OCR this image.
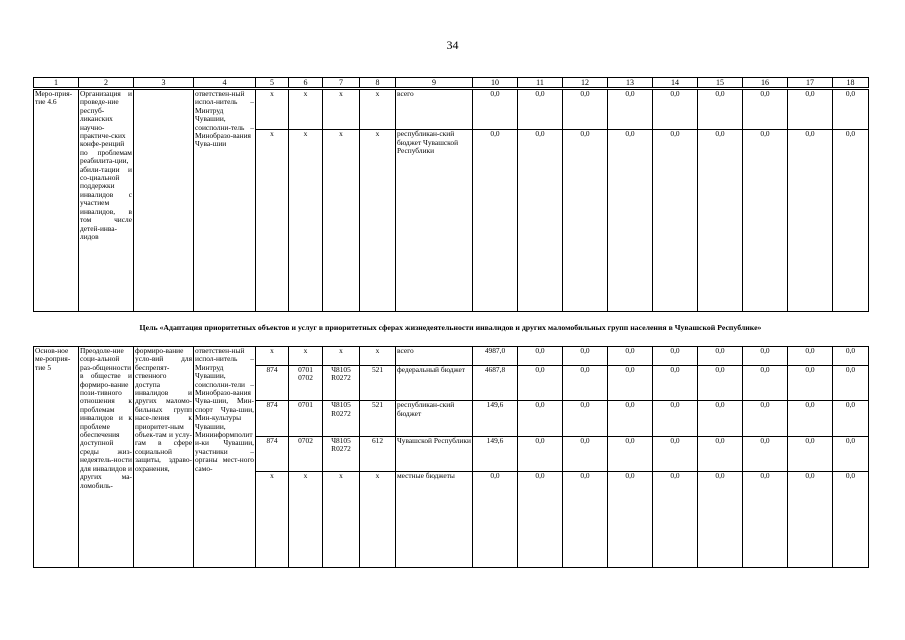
34
1	2	3	4	5	6	7	8	9	10	11	12	13	14	15	16	17	18
Меро-прия-тие 4.6	Организация и проведе-ние респуб-ликанских научно-практиче-ских конфе-ренций по проблемам реабилита-ции, абили-тации и со-циальной поддержки инвалидов с участием инвалидов, в том числе детей-инва-лидов		ответствен-ный испол-нитель – Минтруд Чувашии, соисполни-тель – Минобразо-вания Чува-шии	x	x	x	x	всего	0,0	0,0	0,0	0,0	0,0	0,0	0,0	0,0	0,0
				x	x	x	x	республикан-ский бюджет Чувашской Республики	0,0	0,0	0,0	0,0	0,0	0,0	0,0	0,0	0,0
Цель «Адаптация приоритетных объектов и услуг в приоритетных сферах жизнедеятельности инвалидов и других маломобильных групп населения в Чувашской Республике»
Основ-ное ме-роприя-тие 5	Преодоле-ние соци-альной раз-общенности в обществе и формиро-вание пози-тивного отношения к проблемам инвалидов и к проблеме обеспечения доступной среды жиз-недеятель-ности для инвалидов и других ма-ломобиль-	формиро-вание усло-вий для беспрепят-ственного доступа инвалидов и других маломо-бильных групп насе-ления к приоритет-ным объек-там и услу-гам в сфере социальной защиты, здраво-охранения,	ответствен-ный испол-нитель – Минтруд Чувашии, соисполни-тели – Минобразо-вания Чува-шии, Мин-спорт Чува-шии, Мин-культуры Чувашии, Мининформполити-ки Чувашии, участники – органы мест-ного само-	x	x	x	x	всего	4987,0	0,0	0,0	0,0	0,0	0,0	0,0	0,0	0,0
				874	0701 0702	Ч8105 R0272	521	федеральный бюджет	4687,8	0,0	0,0	0,0	0,0	0,0	0,0	0,0	0,0
				874	0701	Ч8105 R0272	521	республикан-ский бюджет	149,6	0,0	0,0	0,0	0,0	0,0	0,0	0,0	0,0
				874	0702	Ч8105 R0272	612	Чувашской Республики	149,6	0,0	0,0	0,0	0,0	0,0	0,0	0,0	0,0
				x	x	x	x	местные бюджеты	0,0	0,0	0,0	0,0	0,0	0,0	0,0	0,0	0,0
